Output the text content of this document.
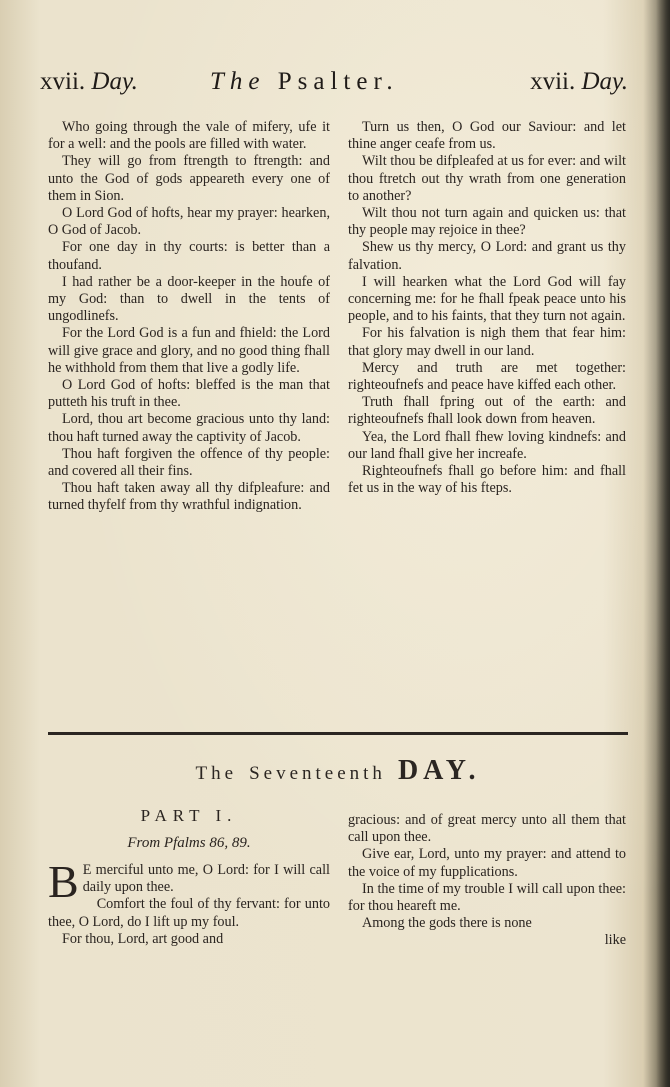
xvii. Day.	The Psalter.	xvii. Day.

Who going through the vale of mifery, ufe it for a well: and the pools are filled with water.

They will go from ftrength to ftrength: and unto the God of gods appeareth every one of them in Sion.

O Lord God of hofts, hear my prayer: hearken, O God of Jacob.

For one day in thy courts: is better than a thoufand.

I had rather be a door-keeper in the houfe of my God: than to dwell in the tents of ungodlinefs.

For the Lord God is a fun and fhield: the Lord will give grace and glory, and no good thing fhall he withhold from them that live a godly life.

O Lord God of hofts: bleffed is the man that putteth his truft in thee.

Lord, thou art become gracious unto thy land: thou haft turned away the captivity of Jacob.

Thou haft forgiven the offence of thy people: and covered all their fins.

Thou haft taken away all thy difpleafure: and turned thyfelf from thy wrathful indignation.

Turn us then, O God our Saviour: and let thine anger ceafe from us.

Wilt thou be difpleafed at us for ever: and wilt thou ftretch out thy wrath from one generation to another?

Wilt thou not turn again and quicken us: that thy people may rejoice in thee?

Shew us thy mercy, O Lord: and grant us thy falvation.

I will hearken what the Lord God will fay concerning me: for he fhall fpeak peace unto his people, and to his faints, that they turn not again.

For his falvation is nigh them that fear him: that glory may dwell in our land.

Mercy and truth are met together: righteoufnefs and peace have kiffed each other.

Truth fhall fpring out of the earth: and righteoufnefs fhall look down from heaven.

Yea, the Lord fhall fhew loving kindnefs: and our land fhall give her increafe.

Righteoufnefs fhall go before him: and fhall fet us in the way of his fteps.

The Seventeenth DAY.
PART I.
From Pfalms 86, 89.

B E merciful unto me, O Lord: for I will call daily upon thee.

Comfort the foul of thy fervant: for unto thee, O Lord, do I lift up my foul.

For thou, Lord, art good and

gracious: and of great mercy unto all them that call upon thee.

Give ear, Lord, unto my prayer: and attend to the voice of my fupplications.

In the time of my trouble I will call upon thee: for thou heareft me.

Among the gods there is none

like
